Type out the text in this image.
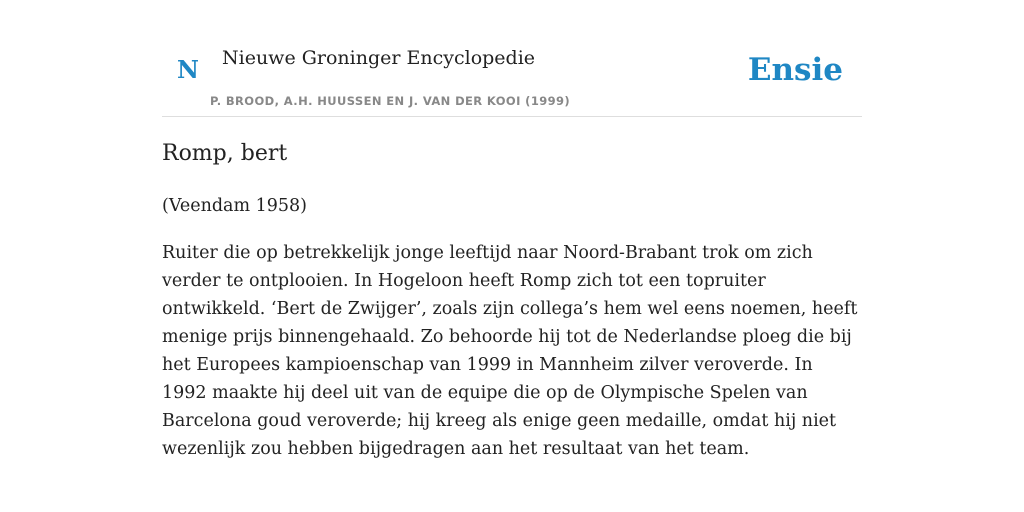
N Nieuwe Groninger Encyclopedie
P. BROOD, A.H. HUUSSEN EN J. VAN DER KOOI (1999)
Ensie
Romp, bert

(Veendam 1958)

Ruiter die op betrekkelijk jonge leeftijd naar Noord-Brabant trok om zich verder te ontplooien. In Hogeloon heeft Romp zich tot een topruiter ontwikkeld. ‘Bert de Zwijger’, zoals zijn collega’s hem wel eens noemen, heeft menige prijs binnengehaald. Zo behoorde hij tot de Nederlandse ploeg die bij het Europees kampioenschap van 1999 in Mannheim zilver veroverde. In 1992 maakte hij deel uit van de equipe die op de Olympische Spelen van Barcelona goud veroverde; hij kreeg als enige geen medaille, omdat hij niet wezenlijk zou hebben bijgedragen aan het resultaat van het team.
